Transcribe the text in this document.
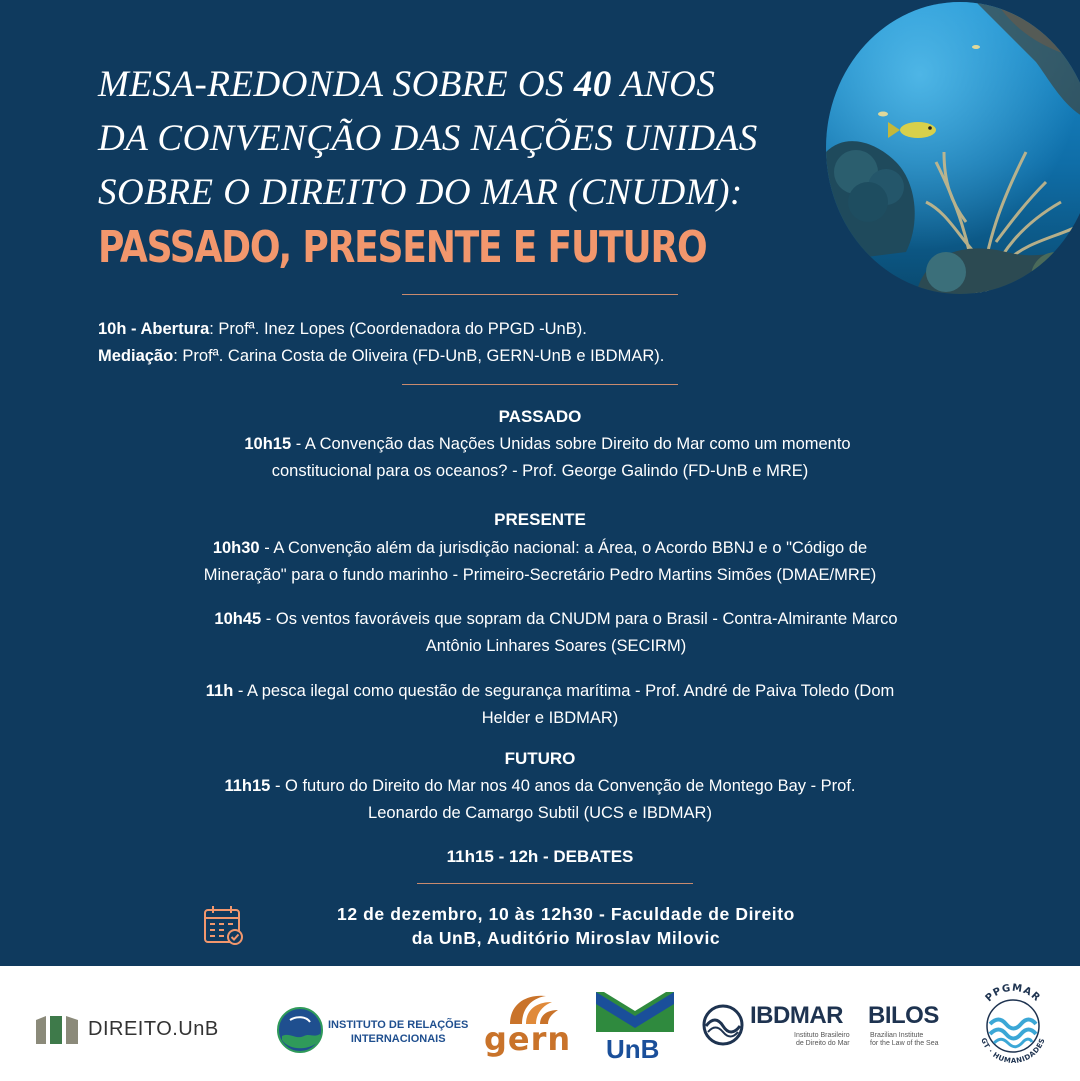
MESA-REDONDA SOBRE OS 40 ANOS
DA CONVENÇÃO DAS NAÇÕES UNIDAS
SOBRE O DIREITO DO MAR (CNUDM):
PASSADO, PRESENTE E FUTURO
10h - Abertura: Profª. Inez Lopes (Coordenadora do PPGD -UnB).
Mediação: Profª. Carina Costa de Oliveira (FD-UnB, GERN-UnB e IBDMAR).
PASSADO
10h15 - A Convenção das Nações Unidas sobre Direito do Mar como um momento
constitucional para os oceanos? - Prof. George Galindo (FD-UnB e MRE)
PRESENTE
10h30 - A Convenção além da jurisdição nacional: a Área, o Acordo BBNJ e o "Código de
Mineração" para o fundo marinho - Primeiro-Secretário Pedro Martins Simões (DMAE/MRE)
10h45 - Os ventos favoráveis que sopram da CNUDM para o Brasil - Contra-Almirante Marco
Antônio Linhares Soares (SECIRM)
11h - A pesca ilegal como questão de segurança marítima - Prof. André de Paiva Toledo (Dom
Helder e IBDMAR)
FUTURO
11h15 - O futuro do Direito do Mar nos 40 anos da Convenção de Montego Bay - Prof.
Leonardo de Camargo Subtil (UCS e IBDMAR)
11h15 - 12h - DEBATES
12 de dezembro, 10 às 12h30 - Faculdade de Direito
da UnB, Auditório Miroslav Milovic
DIREITO.UnB	INSTITUTO DE RELAÇÕES
INTERNACIONAIS	gern UnB
IBDMAR
Instituto Brasileiro
de Direito do Mar
BILOS
Brazilian Institute
for the Law of the Sea
PPGMAR
GT · HUMANIDADES
